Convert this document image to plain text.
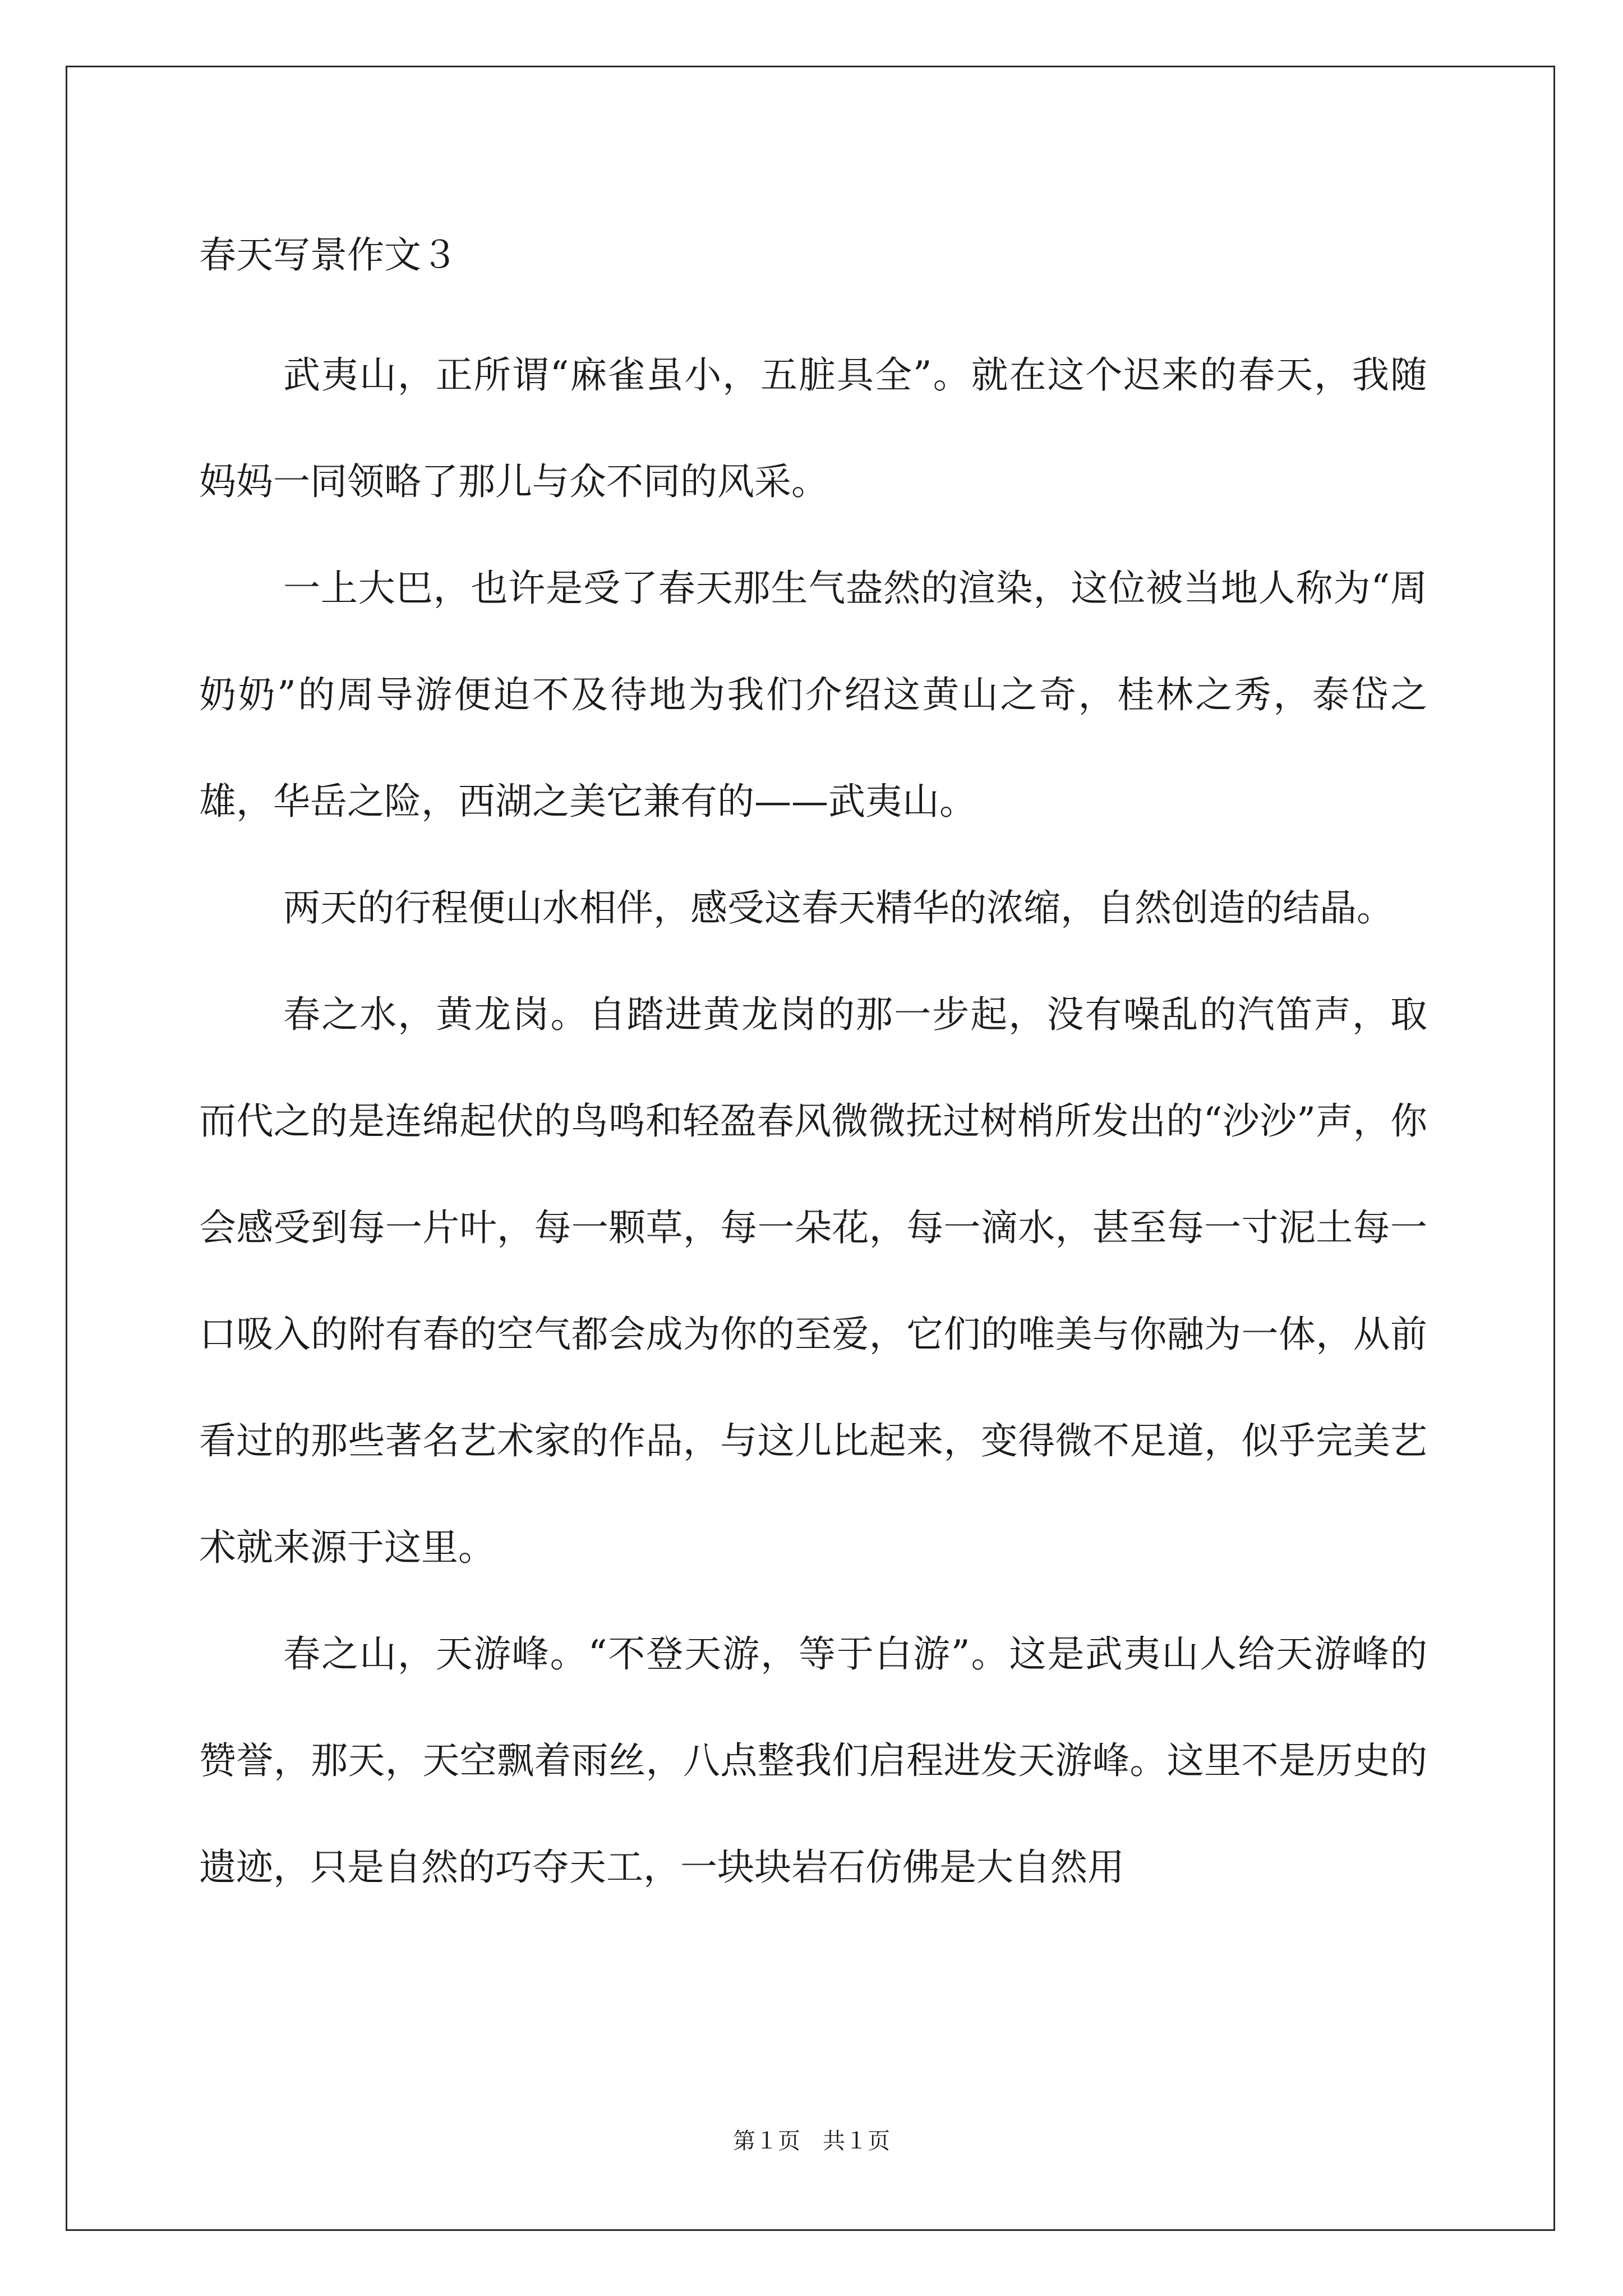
春天写景作文３

武夷山，正所谓“麻雀虽小，五脏具全”。就在这个迟来的春天，我随妈妈一同领略了那儿与众不同的风采。

一上大巴，也许是受了春天那生气盎然的渲染，这位被当地人称为“周奶奶”的周导游便迫不及待地为我们介绍这黄山之奇，桂林之秀，泰岱之雄，华岳之险，西湖之美它兼有的——武夷山。

两天的行程便山水相伴，感受这春天精华的浓缩，自然创造的结晶。

春之水，黄龙岗。自踏进黄龙岗的那一步起，没有噪乱的汽笛声，取而代之的是连绵起伏的鸟鸣和轻盈春风微微抚过树梢所发出的“沙沙”声，你会感受到每一片叶，每一颗草，每一朵花，每一滴水，甚至每一寸泥土每一口吸入的附有春的空气都会成为你的至爱，它们的唯美与你融为一体，从前看过的那些著名艺术家的作品，与这儿比起来，变得微不足道，似乎完美艺术就来源于这里。

春之山，天游峰。“不登天游，等于白游”。这是武夷山人给天游峰的赞誉，那天，天空飘着雨丝，八点整我们启程进发天游峰。这里不是历史的遗迹，只是自然的巧夺天工，一块块岩石仿佛是大自然用

第１页　共１页
